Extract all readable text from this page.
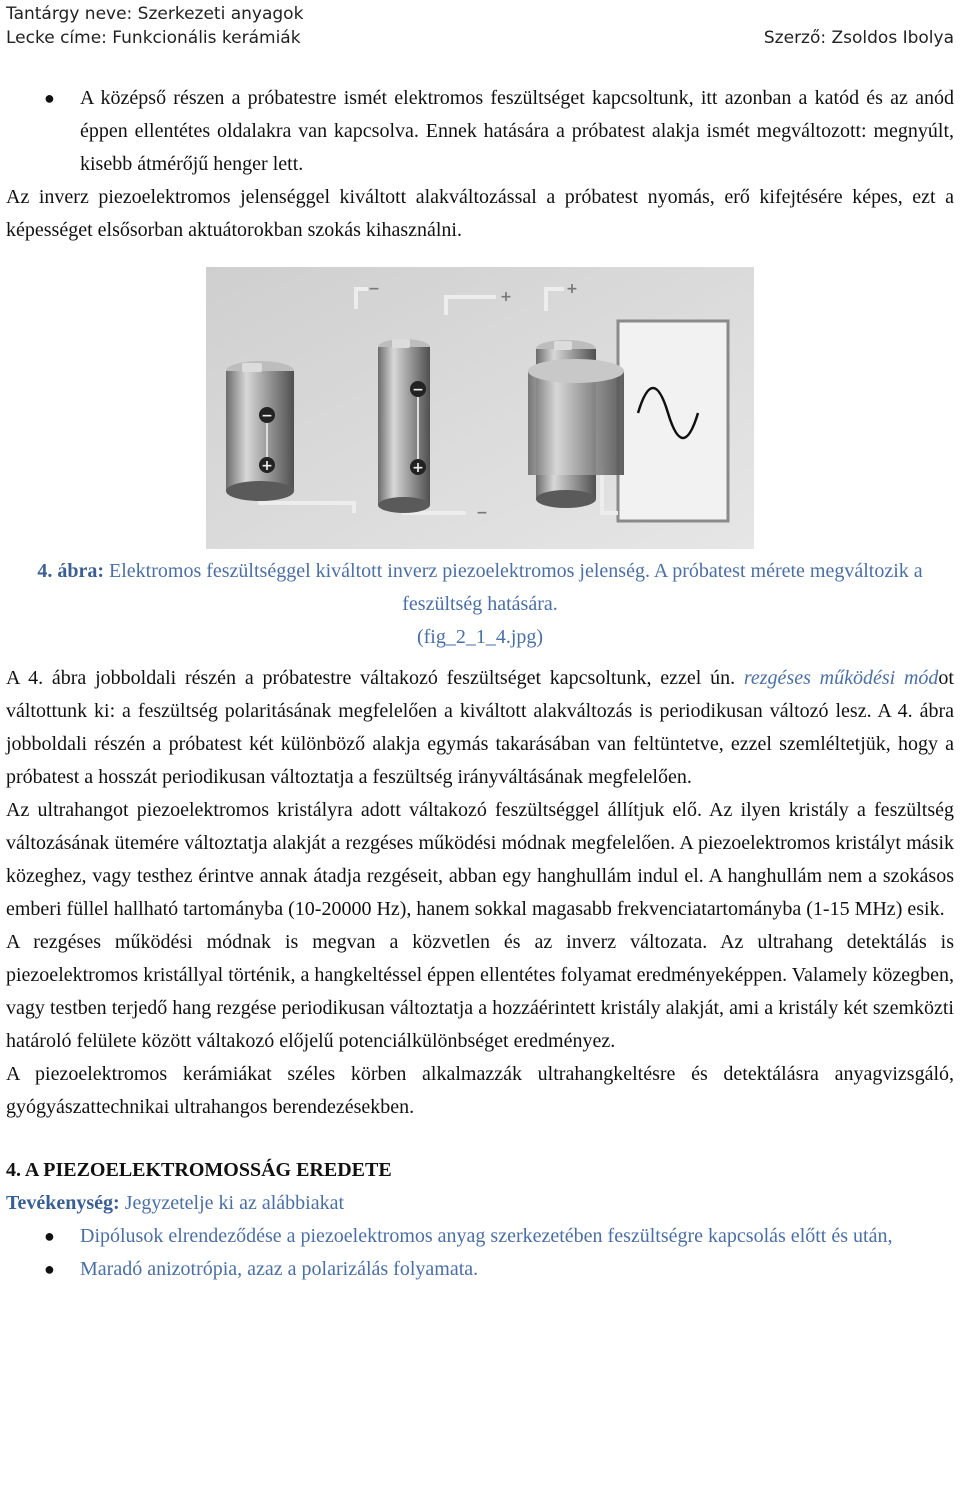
Tantárgy neve: Szerkezeti anyagok
Lecke címe: Funkcionális kerámiák	Szerző: Zsoldos Ibolya
● A középső részen a próbatestre ismét elektromos feszültséget kapcsoltunk, itt azonban a katód és az anód éppen ellentétes oldalakra van kapcsolva. Ennek hatására a próbatest alakja ismét megváltozott: megnyúlt, kisebb átmérőjű henger lett.

Az inverz piezoelektromos jelenséggel kiváltott alakváltozással a próbatest nyomás, erő kifejtésére képes, ezt a képességet elsősorban aktuátorokban szokás kihasználni.

−
+
−
+
−	+	+
−
4. ábra: Elektromos feszültséggel kiváltott inverz piezoelektromos jelenség. A próbatest mérete megváltozik a feszültség hatására.
(fig_2_1_4.jpg)

A 4. ábra jobboldali részén a próbatestre váltakozó feszültséget kapcsoltunk, ezzel ún. rezgéses működési módot váltottunk ki: a feszültség polaritásának megfelelően a kiváltott alakváltozás is periodikusan változó lesz. A 4. ábra jobboldali részén a próbatest két különböző alakja egymás takarásában van feltüntetve, ezzel szemléltetjük, hogy a próbatest a hosszát periodikusan változtatja a feszültség irányváltásának megfelelően.

Az ultrahangot piezoelektromos kristályra adott váltakozó feszültséggel állítjuk elő. Az ilyen kristály a feszültség változásának ütemére változtatja alakját a rezgéses működési módnak megfelelően. A piezoelektromos kristályt másik közeghez, vagy testhez érintve annak átadja rezgéseit, abban egy hanghullám indul el. A hanghullám nem a szokásos emberi füllel hallható tartományba (10-20000 Hz), hanem sokkal magasabb frekvenciatartományba (1-15 MHz) esik.

A rezgéses működési módnak is megvan a közvetlen és az inverz változata. Az ultrahang detektálás is piezoelektromos kristállyal történik, a hangkeltéssel éppen ellentétes folyamat eredményeképpen. Valamely közegben, vagy testben terjedő hang rezgése periodikusan változtatja a hozzáérintett kristály alakját, ami a kristály két szemközti határoló felülete között váltakozó előjelű potenciálkülönbséget eredményez.

A piezoelektromos kerámiákat széles körben alkalmazzák ultrahangkeltésre és detektálásra anyagvizsgáló, gyógyászattechnikai ultrahangos berendezésekben.

4. A PIEZOELEKTROMOSSÁG EREDETE
Tevékenység: Jegyzetelje ki az alábbiakat
● Dipólusok elrendeződése a piezoelektromos anyag szerkezetében feszültségre kapcsolás előtt és után,
● Maradó anizotrópia, azaz a polarizálás folyamata.
